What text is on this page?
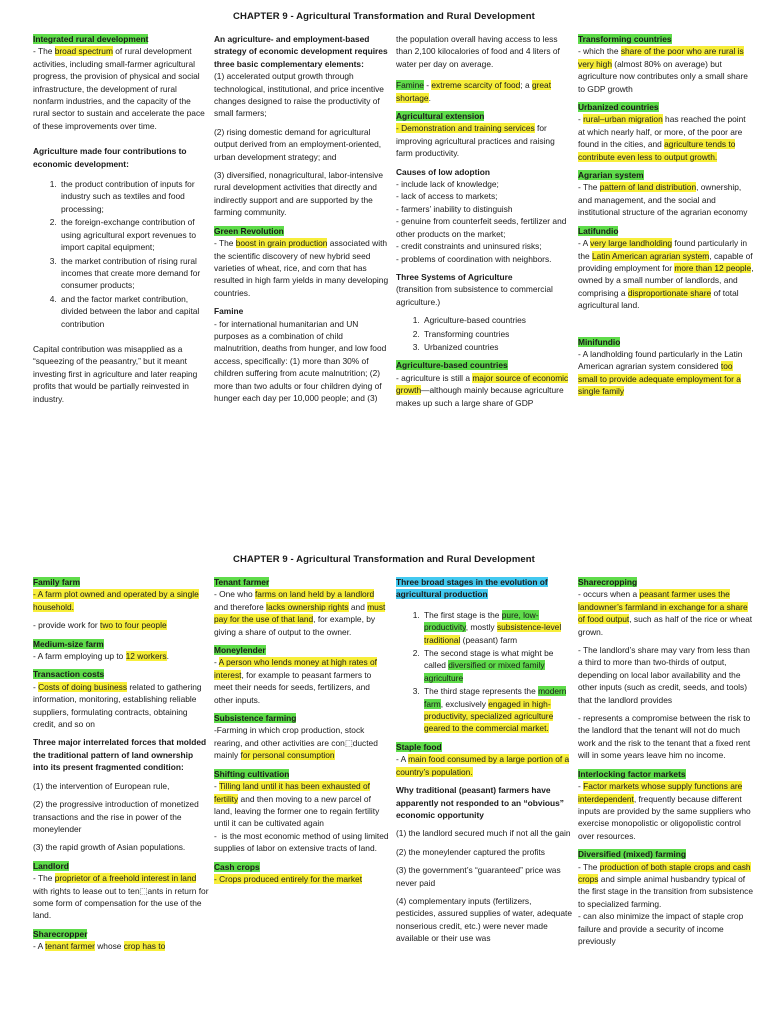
CHAPTER 9 - Agricultural Transformation and Rural Development
Integrated rural development

- The broad spectrum of rural development activities, including small-farmer agricultural progress, the provision of physical and social infrastructure, the development of rural nonfarm industries, and the capacity of the rural sector to sustain and accelerate the pace of these improvements over time.

Agriculture made four contributions to economic development:
1. the product contribution of inputs for industry such as textiles and food processing;
2. the foreign-exchange contribution of using agricultural export revenues to import capital equipment;
3. the market contribution of rising rural incomes that create more demand for consumer products;
4. and the factor market contribution, divided between the labor and capital contribution

Capital contribution was misapplied as a “squeezing of the peasantry,” but it meant investing first in agriculture and later reaping profits that would be partially reinvested in industry.

An agriculture- and employment-based strategy of economic development requires three basic complementary elements:

(1) accelerated output growth through technological, institutional, and price incentive changes designed to raise the productivity of small farmers;

(2) rising domestic demand for agricultural output derived from an employment-oriented, urban development strategy; and

(3) diversified, nonagricultural, labor-intensive rural development activities that directly and indirectly support and are supported by the farming community.

Green Revolution

- The boost in grain production associated with the scientific discovery of new hybrid seed varieties of wheat, rice, and corn that has resulted in high farm yields in many developing countries.

Famine

- for international humanitarian and UN purposes as a combination of child malnutrition, deaths from hunger, and low food access, specifically: (1) more than 30% of children suffering from acute malnutrition; (2) more than two adults or four children dying of hunger each day per 10,000 people; and (3)

the population overall having access to less than 2,100 kilocalories of food and 4 liters of water per day on average.

Famine - extreme scarcity of food; a great shortage.

Agricultural extension

- Demonstration and training services for improving agricultural practices and raising farm productivity.

Causes of low adoption
- include lack of knowledge;
- lack of access to markets;
- farmers’ inability to distinguish
- genuine from counterfeit seeds, fertilizer and other products on the market;
- credit constraints and uninsured risks;
- problems of coordination with neighbors.
Three Systems of Agriculture
(transition from subsistence to commercial agriculture.)
1. Agriculture-based countries
2. Transforming countries
3. Urbanized countries
Agriculture-based countries

- agriculture is still a major source of economic growth—although mainly because agriculture makes up such a large share of GDP

Transforming countries

- which the share of the poor who are rural is very high (almost 80% on average) but agriculture now contributes only a small share to GDP growth

Urbanized countries

- rural–urban migration has reached the point at which nearly half, or more, of the poor are found in the cities, and agriculture tends to contribute even less to output growth.

Agrarian system

- The pattern of land distribution, ownership, and management, and the social and institutional structure of the agrarian economy

Latifundio

- A very large landholding found particularly in the Latin American agrarian system, capable of providing employment for more than 12 people, owned by a small number of landlords, and comprising a disproportionate share of total agricultural land.

Minifundio

- A landholding found particularly in the Latin American agrarian system considered too small to provide adequate employment for a single family

CHAPTER 9 - Agricultural Transformation and Rural Development
Family farm

- A farm plot owned and operated by a single household.

- provide work for two to four people

Medium-size farm

- A farm employing up to 12 workers.

Transaction costs

- Costs of doing business related to gathering information, monitoring, establishing reliable suppliers, formulating contracts, obtaining credit, and so on

Three major interrelated forces that molded the traditional pattern of land ownership into its present fragmented condition:

(1) the intervention of European rule,

(2) the progressive introduction of monetized transactions and the rise in power of the moneylender

(3) the rapid growth of Asian populations.

Landlord

- The proprietor of a freehold interest in land with rights to lease out to ten⬚ants in return for some form of compensation for the use of the land.

Sharecropper

- A tenant farmer whose crop has to

Tenant farmer

- One who farms on land held by a landlord and therefore lacks ownership rights and must pay for the use of that land, for example, by giving a share of output to the owner.

Moneylender

- A person who lends money at high rates of interest, for example to peasant farmers to meet their needs for seeds, fertilizers, and other inputs.

Subsistence farming

-Farming in which crop production, stock rearing, and other activities are con⬚ducted mainly for personal consumption

Shifting cultivation

- Tilling land until it has been exhausted of fertility and then moving to a new parcel of land, leaving the former one to regain fertility until it can be cultivated again

-  is the most economic method of using limited supplies of labor on extensive tracts of land.

Cash crops

- Crops produced entirely for the market

Three broad stages in the evolution of agricultural production
1. The first stage is the pure, low-productivity, mostly subsistence-level traditional (peasant) farm
2. The second stage is what might be called diversified or mixed family agriculture
3. The third stage represents the modern farm, exclusively engaged in high-productivity, specialized agriculture geared to the commercial market.
Staple food

- A main food consumed by a large portion of a country’s population.

Why traditional (peasant) farmers have apparently not responded to an “obvious” economic opportunity

(1) the landlord secured much if not all the gain

(2) the moneylender captured the profits

(3) the government’s “guaranteed” price was never paid

(4) complementary inputs (fertilizers, pesticides, assured supplies of water, adequate nonserious credit, etc.) were never made available or their use was

Sharecropping

- occurs when a peasant farmer uses the landowner’s farmland in exchange for a share of food output, such as half of the rice or wheat grown.

- The landlord’s share may vary from less than a third to more than two-thirds of output, depending on local labor availability and the other inputs (such as credit, seeds, and tools) that the landlord provides

- represents a compromise between the risk to the landlord that the tenant will not do much work and the risk to the tenant that a fixed rent will in some years leave him no income.

Interlocking factor markets

- Factor markets whose supply functions are interdependent, frequently because different inputs are provided by the same suppliers who exercise monopolistic or oligopolistic control over resources.

Diversified (mixed) farming

- The production of both staple crops and cash crops and simple animal husbandry typical of the first stage in the transition from subsistence to specialized farming.

- can also minimize the impact of staple crop failure and provide a security of income previously
